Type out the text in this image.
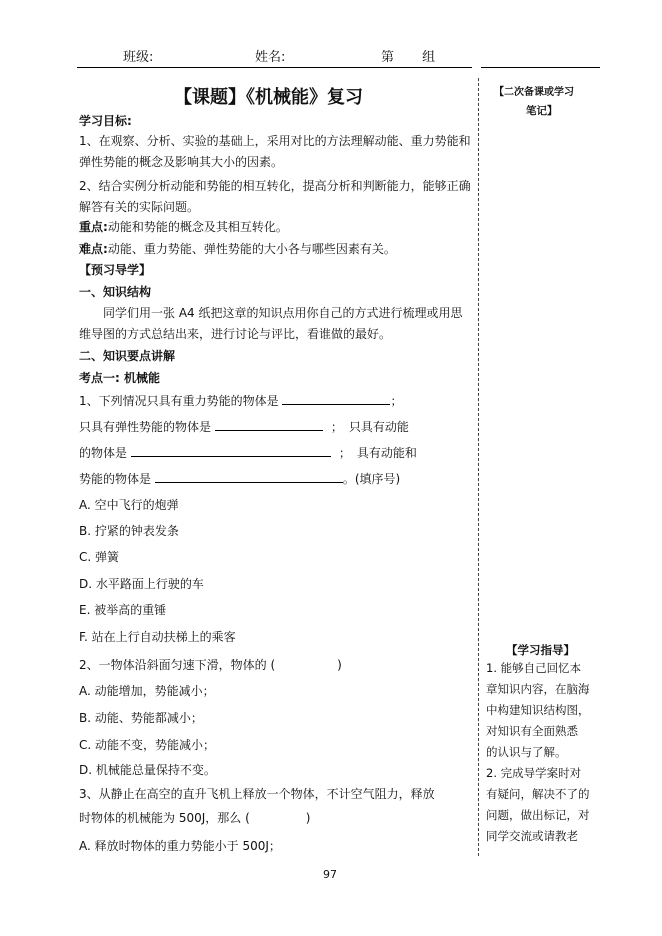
班级:	姓名:	第 组
【课题】《机械能》复习
学习目标:
1、在观察、分析、实验的基础上，采用对比的方法理解动能、重力势能和弹性势能的概念及影响其大小的因素。
2、结合实例分析动能和势能的相互转化，提高分析和判断能力，能够正确解答有关的实际问题。
重点:动能和势能的概念及其相互转化。
难点:动能、重力势能、弹性势能的大小各与哪些因素有关。
【预习导学】
一、知识结构
同学们用一张 A4 纸把这章的知识点用你自己的方式进行梳理或用思维导图的方式总结出来，进行讨论与评比，看谁做的最好。
二、知识要点讲解
考点一: 机械能
1、下列情况只具有重力势能的物体是	；
只具有弹性势能的物体是	； 只具有动能
的物体是	； 具有动能和
势能的物体是	。(填序号)
A. 空中飞行的炮弹
B. 拧紧的钟表发条
C. 弹簧
D. 水平路面上行驶的车
E. 被举高的重锤
F. 站在上行自动扶梯上的乘客
2、一物体沿斜面匀速下滑，物体的 (	)
A. 动能增加，势能减小；
B. 动能、势能都减小；
C. 动能不变，势能减小；
D. 机械能总量保持不变。
3、从静止在高空的直升飞机上释放一个物体，不计空气阻力，释放
时物体的机械能为 500J，那么 (	)
A. 释放时物体的重力势能小于 500J；
【二次备课或学习
笔记】
【学习指导】

1. 能够自己回忆本

章知识内容，在脑海

中构建知识结构图，

对知识有全面熟悉

的认识与了解。

2. 完成导学案时对

有疑问，解决不了的

问题，做出标记，对

同学交流或请教老

97
